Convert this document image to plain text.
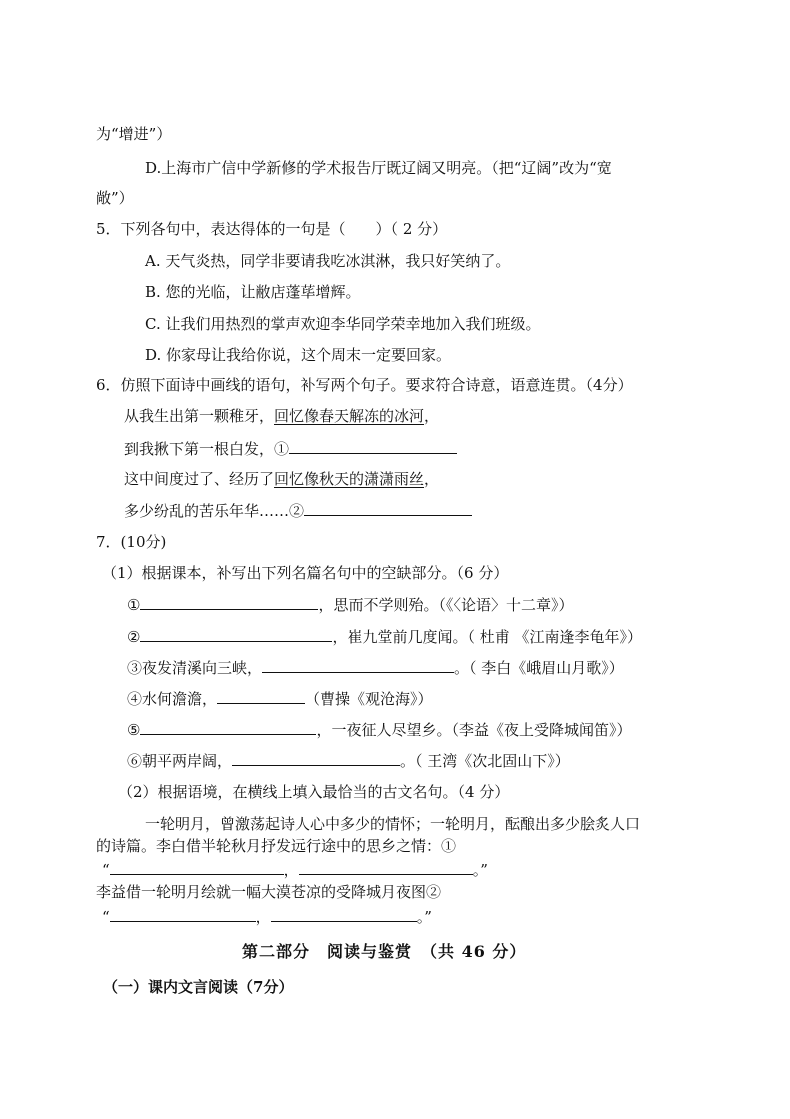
为“增进”）
D.上海市广信中学新修的学术报告厅既辽阔又明亮。（把“辽阔”改为“宽
敞”）
5．下列各句中，表达得体的一句是（　　）（ 2 分）
A. 天气炎热，同学非要请我吃冰淇淋，我只好笑纳了。
B. 您的光临，让敝店蓬荜增辉。
C. 让我们用热烈的掌声欢迎李华同学荣幸地加入我们班级。
D. 你家母让我给你说，这个周末一定要回家。
6．仿照下面诗中画线的语句，补写两个句子。要求符合诗意，语意连贯。（4分）
从我生出第一颗稚牙，回忆像春天解冻的冰河，
到我揪下第一根白发，①
这中间度过了、经历了回忆像秋天的潇潇雨丝，
多少纷乱的苦乐年华……②
7．(10分)
（1）根据课本，补写出下列名篇名句中的空缺部分。（6 分）
①	，思而不学则殆。（《〈论语〉十二章》）
②	，崔九堂前几度闻。（ 杜甫 《江南逢李龟年》）
③夜发清溪向三峡，	。（ 李白《峨眉山月歌》）
④水何澹澹，	（曹操《观沧海》）
⑤	，一夜征人尽望乡。（李益《夜上受降城闻笛》）
⑥朝平两岸阔，	。（ 王湾《次北固山下》）
（2）根据语境，在横线上填入最恰当的古文名句。（4 分）
一轮明月，曾激荡起诗人心中多少的情怀；一轮明月，酝酿出多少脍炙人口
的诗篇。李白借半轮秋月抒发远行途中的思乡之情：①
“	，	。”
李益借一轮明月绘就一幅大漠苍凉的受降城月夜图②
“	，	。”
第二部分　阅读与鉴赏　（共 46 分）
（一）课内文言阅读（7分）
